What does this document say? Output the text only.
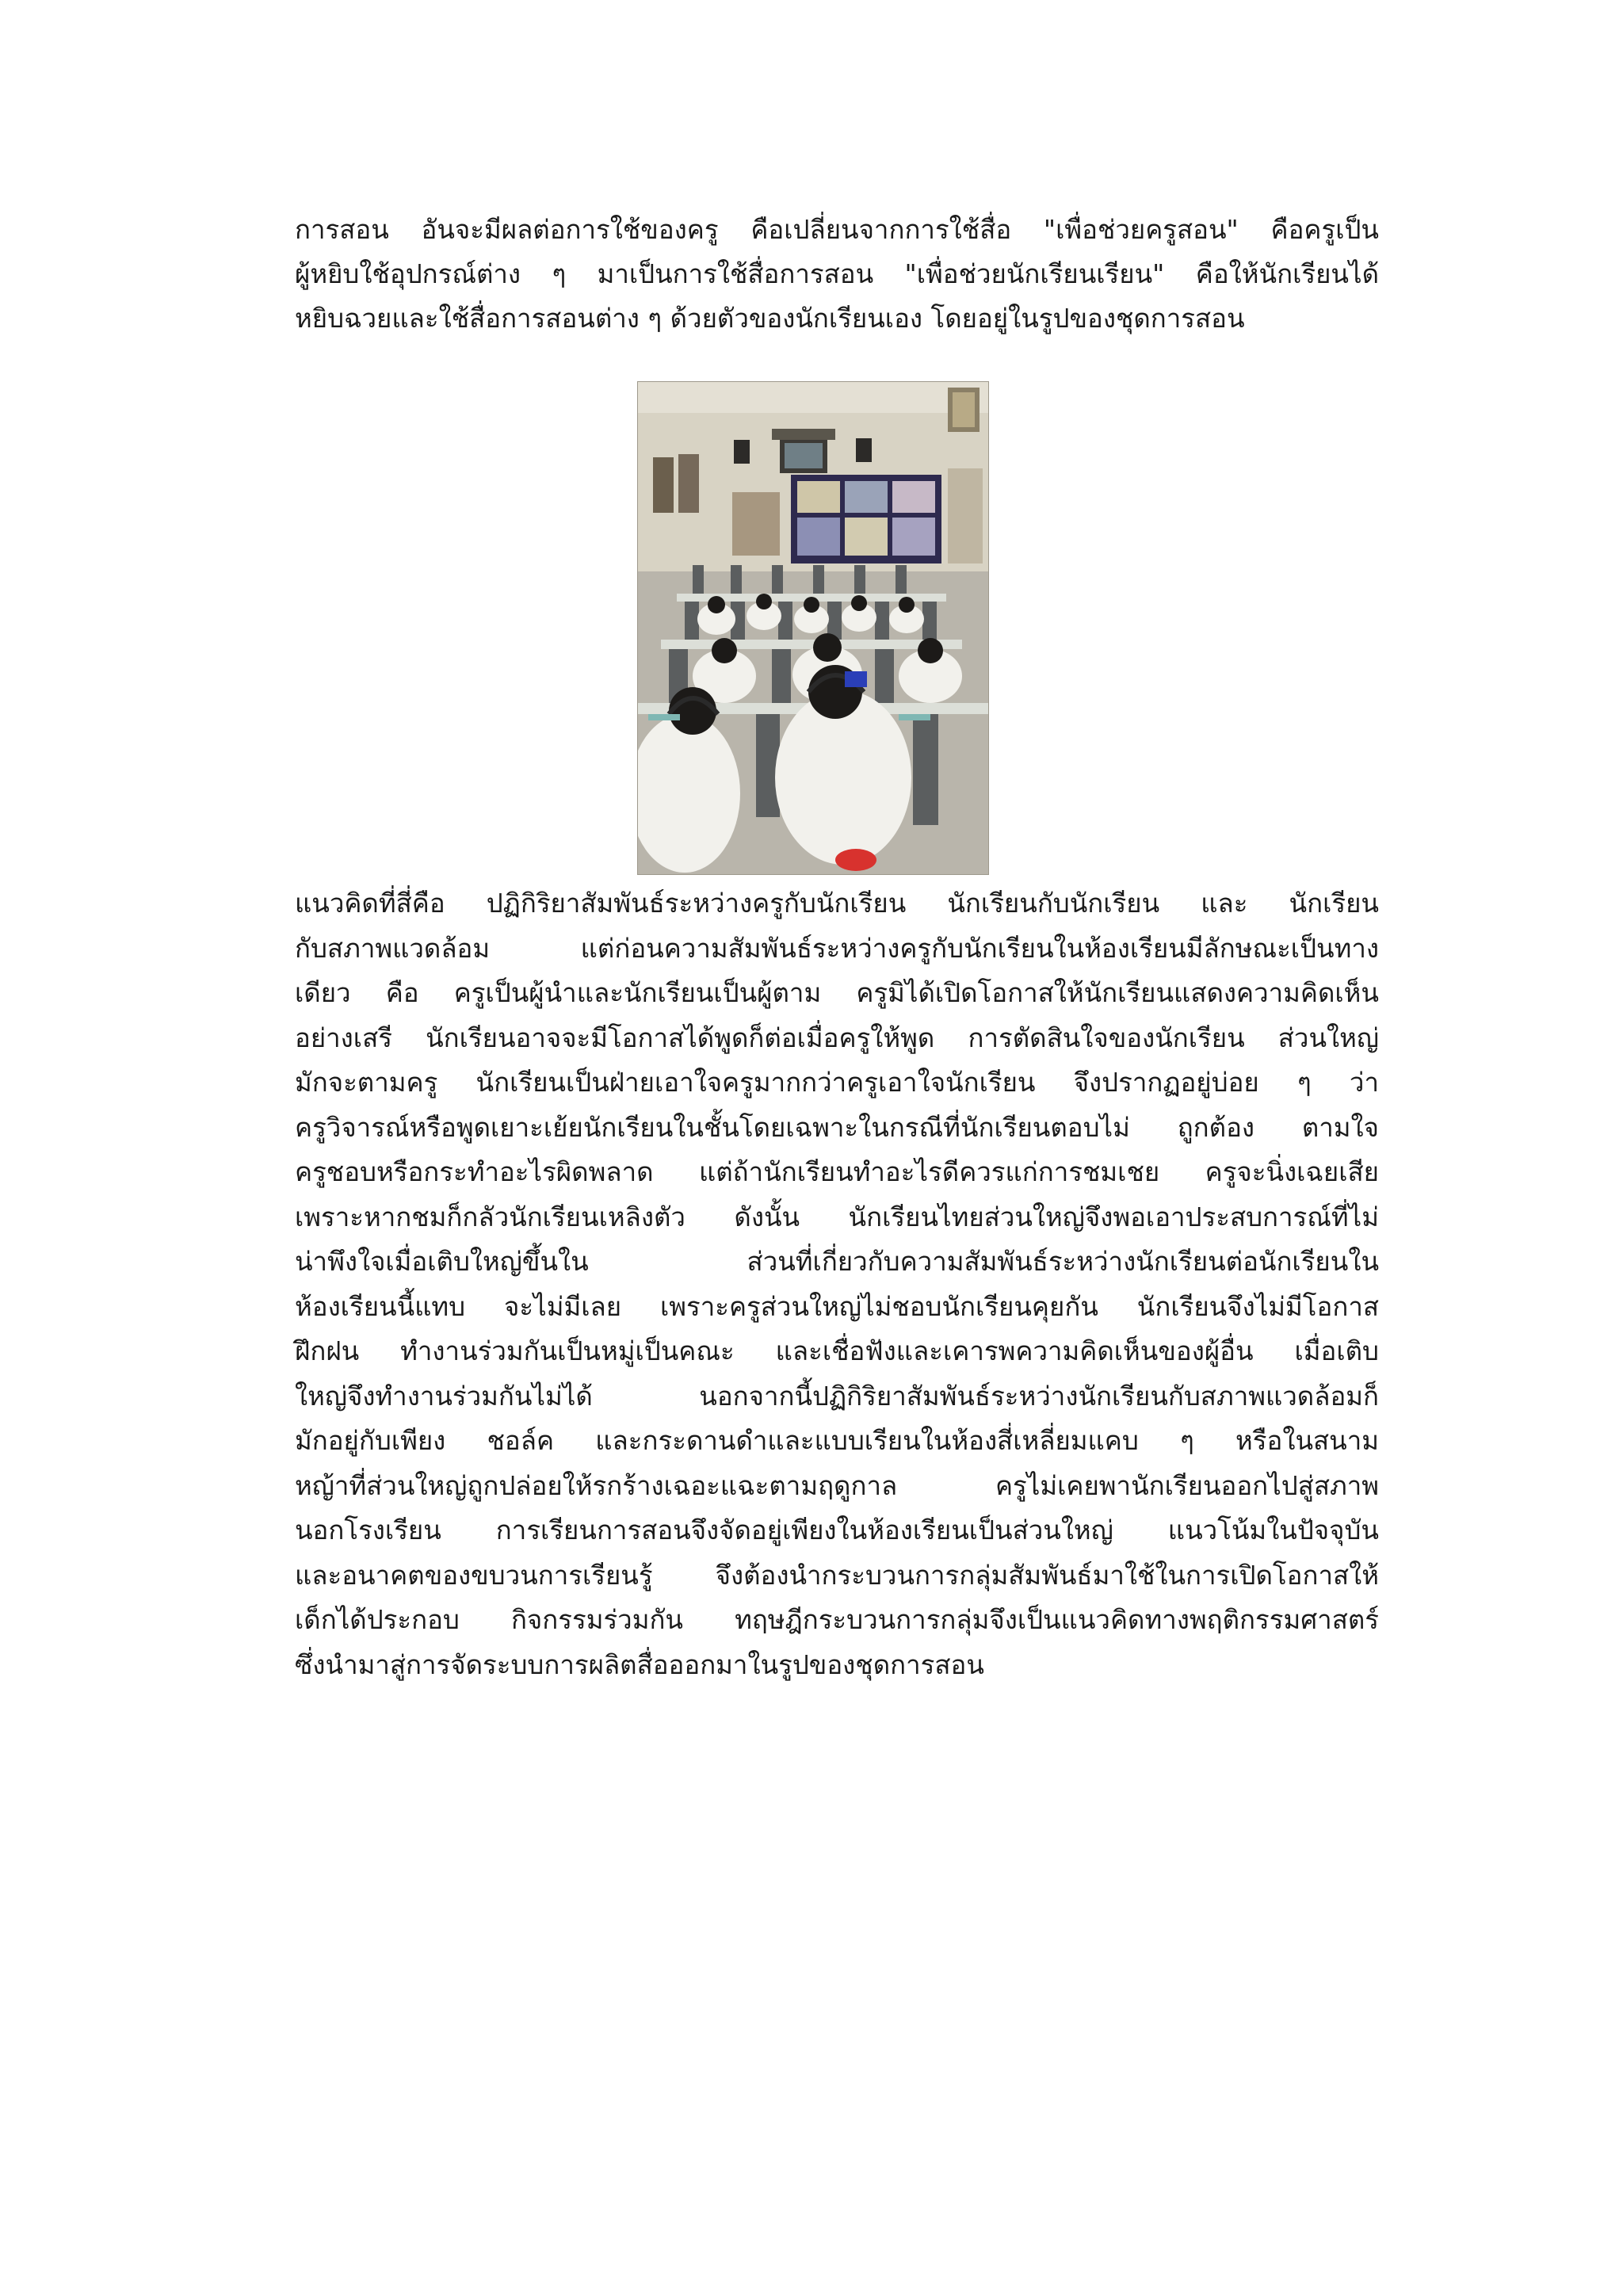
การสอน อันจะมีผลต่อการใช้ของครู คือเปลี่ยนจากการใช้สื่อ "เพื่อช่วยครูสอน" คือครูเป็น
ผู้หยิบใช้อุปกรณ์ต่าง ๆ มาเป็นการใช้สื่อการสอน "เพื่อช่วยนักเรียนเรียน" คือให้นักเรียนได้
หยิบฉวยและใช้สื่อการสอนต่าง ๆ ด้วยตัวของนักเรียนเอง โดยอยู่ในรูปของชุดการสอน
แนวคิดที่สี่คือ ปฏิกิริยาสัมพันธ์ระหว่างครูกับนักเรียน นักเรียนกับนักเรียน และ นักเรียน
กับสภาพแวดล้อม แต่ก่อนความสัมพันธ์ระหว่างครูกับนักเรียนในห้องเรียนมีลักษณะเป็นทาง
เดียว คือ ครูเป็นผู้นำและนักเรียนเป็นผู้ตาม ครูมิได้เปิดโอกาสให้นักเรียนแสดงความคิดเห็น
อย่างเสรี นักเรียนอาจจะมีโอกาสได้พูดก็ต่อเมื่อครูให้พูด การตัดสินใจของนักเรียน ส่วนใหญ่
มักจะตามครู นักเรียนเป็นฝ่ายเอาใจครูมากกว่าครูเอาใจนักเรียน จึงปรากฏอยู่บ่อย ๆ ว่า
ครูวิจารณ์หรือพูดเยาะเย้ยนักเรียนในชั้นโดยเฉพาะในกรณีที่นักเรียนตอบไม่ ถูกต้อง ตามใจ
ครูชอบหรือกระทำอะไรผิดพลาด แต่ถ้านักเรียนทำอะไรดีควรแก่การชมเชย ครูจะนิ่งเฉยเสีย
เพราะหากชมก็กลัวนักเรียนเหลิงตัว ดังนั้น นักเรียนไทยส่วนใหญ่จึงพอเอาประสบการณ์ที่ไม่
น่าพึงใจเมื่อเติบใหญ่ขึ้นใน ส่วนที่เกี่ยวกับความสัมพันธ์ระหว่างนักเรียนต่อนักเรียนใน
ห้องเรียนนี้แทบ จะไม่มีเลย เพราะครูส่วนใหญ่ไม่ชอบนักเรียนคุยกัน นักเรียนจึงไม่มีโอกาส
ฝึกฝน ทำงานร่วมกันเป็นหมู่เป็นคณะ และเชื่อฟังและเคารพความคิดเห็นของผู้อื่น เมื่อเติบ
ใหญ่จึงทำงานร่วมกันไม่ได้ นอกจากนี้ปฏิกิริยาสัมพันธ์ระหว่างนักเรียนกับสภาพแวดล้อมก็
มักอยู่กับเพียง ชอล์ค และกระดานดำและแบบเรียนในห้องสี่เหลี่ยมแคบ ๆ หรือในสนาม
หญ้าที่ส่วนใหญ่ถูกปล่อยให้รกร้างเฉอะแฉะตามฤดูกาล ครูไม่เคยพานักเรียนออกไปสู่สภาพ
นอกโรงเรียน การเรียนการสอนจึงจัดอยู่เพียงในห้องเรียนเป็นส่วนใหญ่ แนวโน้มในปัจจุบัน
และอนาคตของขบวนการเรียนรู้ จึงต้องนำกระบวนการกลุ่มสัมพันธ์มาใช้ในการเปิดโอกาสให้
เด็กได้ประกอบ กิจกรรมร่วมกัน ทฤษฎีกระบวนการกลุ่มจึงเป็นแนวคิดทางพฤติกรรมศาสตร์
ซึ่งนำมาสู่การจัดระบบการผลิตสื่อออกมาในรูปของชุดการสอน
